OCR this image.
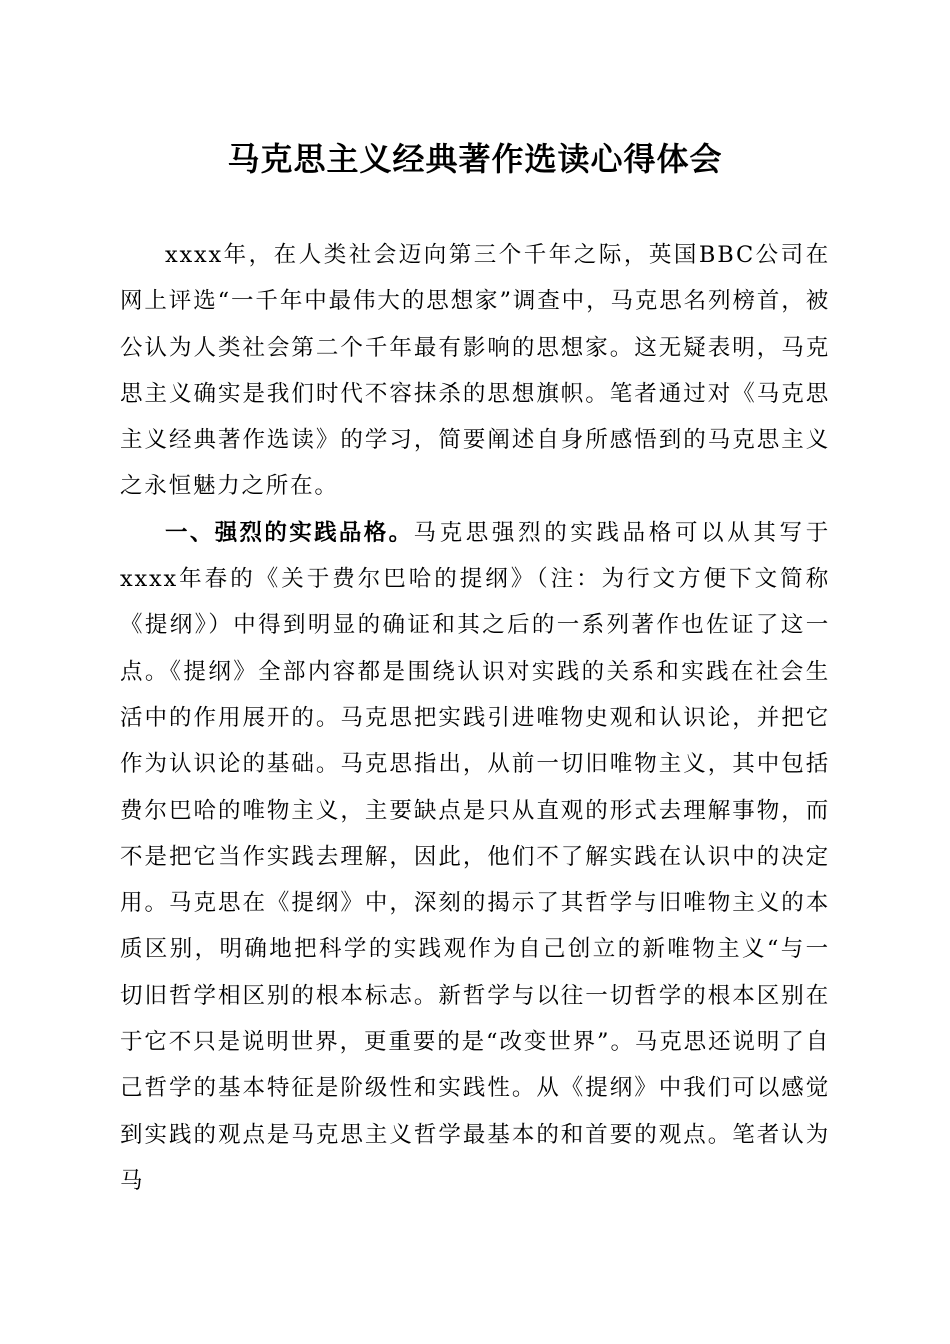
马克思主义经典著作选读心得体会

xxxx年，在人类社会迈向第三个千年之际，英国BBC公司在网上评选“一千年中最伟大的思想家”调查中，马克思名列榜首，被公认为人类社会第二个千年最有影响的思想家。这无疑表明，马克思主义确实是我们时代不容抹杀的思想旗帜。笔者通过对《马克思主义经典著作选读》的学习，简要阐述自身所感悟到的马克思主义之永恒魅力之所在。

一、强烈的实践品格。马克思强烈的实践品格可以从其写于xxxx年春的《关于费尔巴哈的提纲》（注：为行文方便下文简称《提纲》）中得到明显的确证和其之后的一系列著作也佐证了这一点。《提纲》全部内容都是围绕认识对实践的关系和实践在社会生活中的作用展开的。马克思把实践引进唯物史观和认识论，并把它作为认识论的基础。马克思指出，从前一切旧唯物主义，其中包括费尔巴哈的唯物主义，主要缺点是只从直观的形式去理解事物，而不是把它当作实践去理解，因此，他们不了解实践在认识中的决定用。马克思在《提纲》中，深刻的揭示了其哲学与旧唯物主义的本质区别，明确地把科学的实践观作为自己创立的新唯物主义“与一切旧哲学相区别的根本标志。新哲学与以往一切哲学的根本区别在于它不只是说明世界，更重要的是“改变世界”。马克思还说明了自己哲学的基本特征是阶级性和实践性。从《提纲》中我们可以感觉到实践的观点是马克思主义哲学最基本的和首要的观点。笔者认为马
